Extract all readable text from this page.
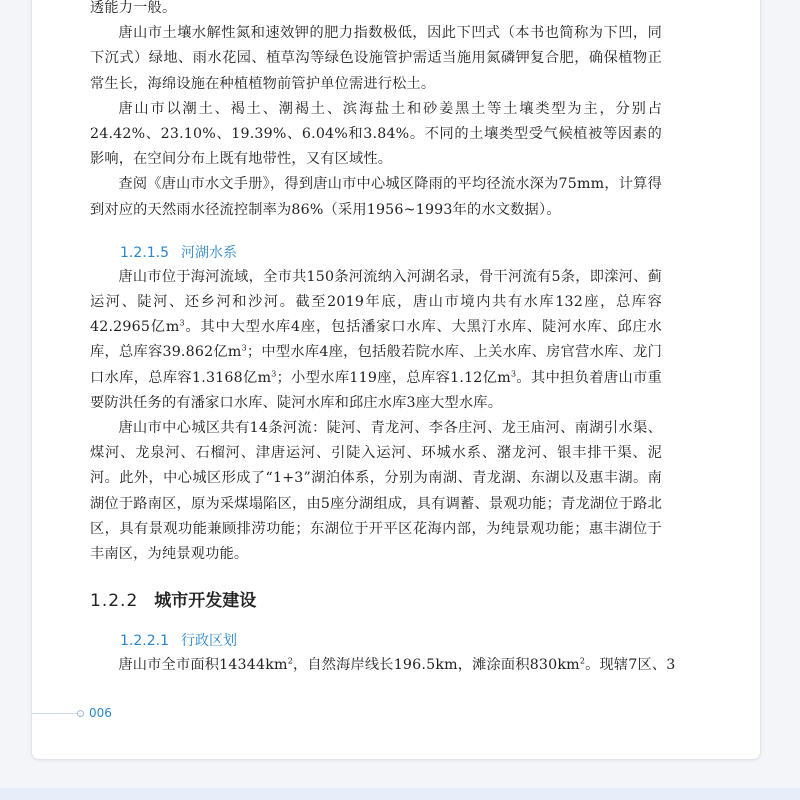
透能力一般。

唐山市土壤水解性氮和速效钾的肥力指数极低，因此下凹式（本书也简称为下凹，同下沉式）绿地、雨水花园、植草沟等绿色设施管护需适当施用氮磷钾复合肥，确保植物正常生长，海绵设施在种植植物前管护单位需进行松土。

唐山市以潮土、褐土、潮褐土、滨海盐土和砂姜黑土等土壤类型为主，分别占24.42%、23.10%、19.39%、6.04%和3.84%。不同的土壤类型受气候植被等因素的影响，在空间分布上既有地带性，又有区域性。

查阅《唐山市水文手册》，得到唐山市中心城区降雨的平均径流水深为75mm，计算得到对应的天然雨水径流控制率为86%（采用1956~1993年的水文数据）。

1.2.1.5 河湖水系

唐山市位于海河流域，全市共150条河流纳入河湖名录，骨干河流有5条，即滦河、蓟运河、陡河、还乡河和沙河。截至2019年底，唐山市境内共有水库132座，总库容42.2965亿$m^3$。其中大型水库4座，包括潘家口水库、大黑汀水库、陡河水库、邱庄水库，总库容39.862亿$m^3$；中型水库4座，包括般若院水库、上关水库、房官营水库、龙门口水库，总库容1.3168亿$m^3$；小型水库119座，总库容1.12亿$m^3$。其中担负着唐山市重要防洪任务的有潘家口水库、陡河水库和邱庄水库3座大型水库。

唐山市中心城区共有14条河流：陡河、青龙河、李各庄河、龙王庙河、南湖引水渠、煤河、龙泉河、石榴河、津唐运河、引陡入运河、环城水系、潴龙河、银丰排干渠、泥河。此外，中心城区形成了“1+3”湖泊体系，分别为南湖、青龙湖、东湖以及惠丰湖。南湖位于路南区，原为采煤塌陷区，由5座分湖组成，具有调蓄、景观功能；青龙湖位于路北区，具有景观功能兼顾排涝功能；东湖位于开平区花海内部，为纯景观功能；惠丰湖位于丰南区，为纯景观功能。

1.2.2 城市开发建设
1.2.2.1 行政区划

唐山市全市面积$14344km^2$，自然海岸线长196.5km，滩涂面积$830km^2$。现辖7区、3

006
